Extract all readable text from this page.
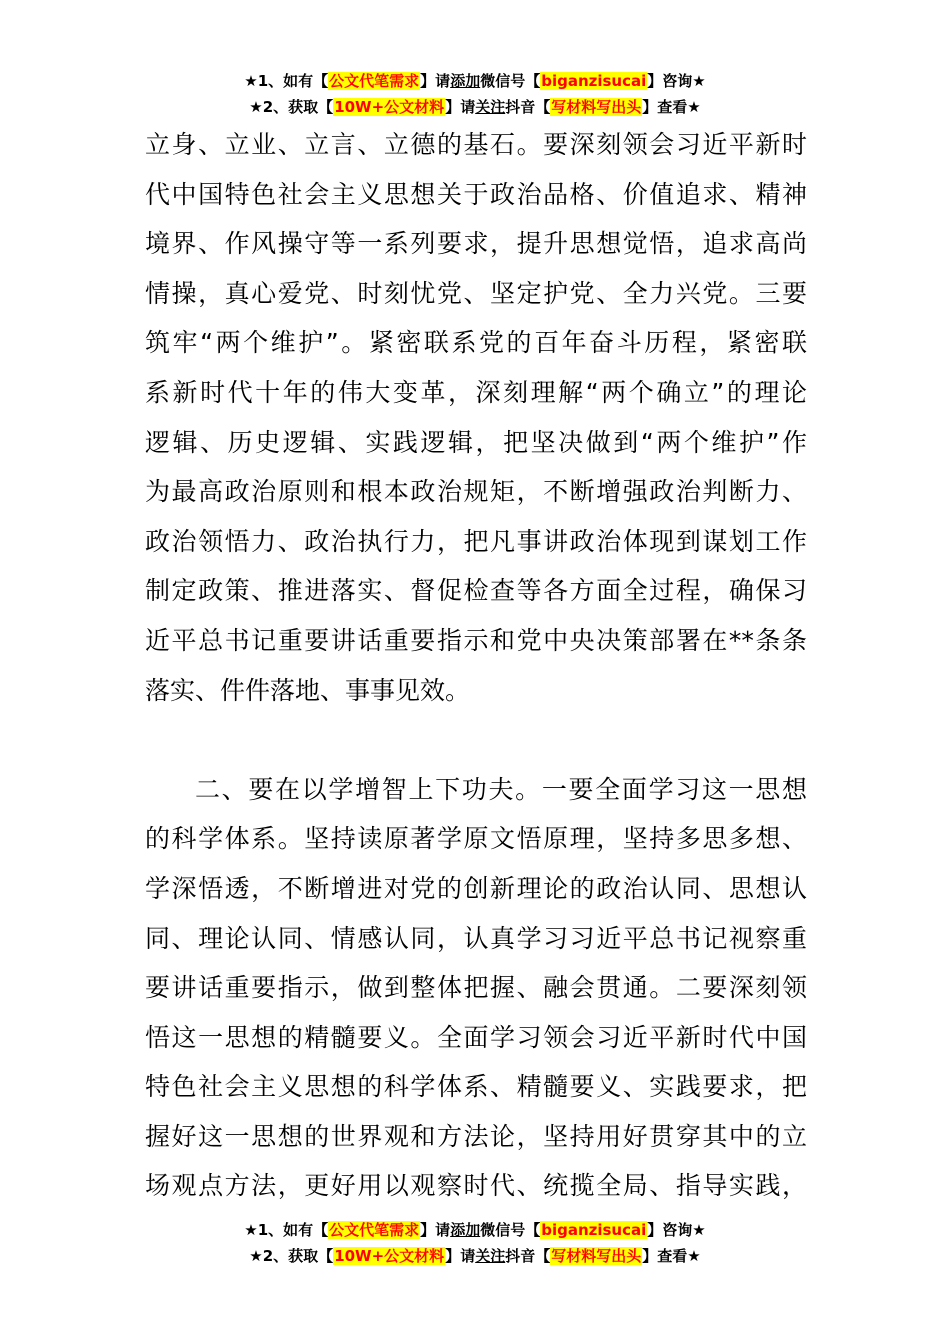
★1、如有【公文代笔需求】请添加微信号【biganzisucai】咨询★
★2、获取【10W+公文材料】请关注抖音【写材料写出头】查看★
立身、立业、立言、立德的基石。要深刻领会习近平新时
代中国特色社会主义思想关于政治品格、价值追求、精神
境界、作风操守等一系列要求，提升思想觉悟，追求高尚
情操，真心爱党、时刻忧党、坚定护党、全力兴党。三要
筑牢“两个维护”。紧密联系党的百年奋斗历程，紧密联
系新时代十年的伟大变革，深刻理解“两个确立”的理论
逻辑、历史逻辑、实践逻辑，把坚决做到“两个维护”作
为最高政治原则和根本政治规矩，不断增强政治判断力、
政治领悟力、政治执行力，把凡事讲政治体现到谋划工作
制定政策、推进落实、督促检查等各方面全过程，确保习
近平总书记重要讲话重要指示和党中央决策部署在**条条
落实、件件落地、事事见效。
二、要在以学增智上下功夫。一要全面学习这一思想
的科学体系。坚持读原著学原文悟原理，坚持多思多想、
学深悟透，不断增进对党的创新理论的政治认同、思想认
同、理论认同、情感认同，认真学习习近平总书记视察重
要讲话重要指示，做到整体把握、融会贯通。二要深刻领
悟这一思想的精髓要义。全面学习领会习近平新时代中国
特色社会主义思想的科学体系、精髓要义、实践要求，把
握好这一思想的世界观和方法论，坚持用好贯穿其中的立
场观点方法，更好用以观察时代、统揽全局、指导实践，
★1、如有【公文代笔需求】请添加微信号【biganzisucai】咨询★
★2、获取【10W+公文材料】请关注抖音【写材料写出头】查看★
